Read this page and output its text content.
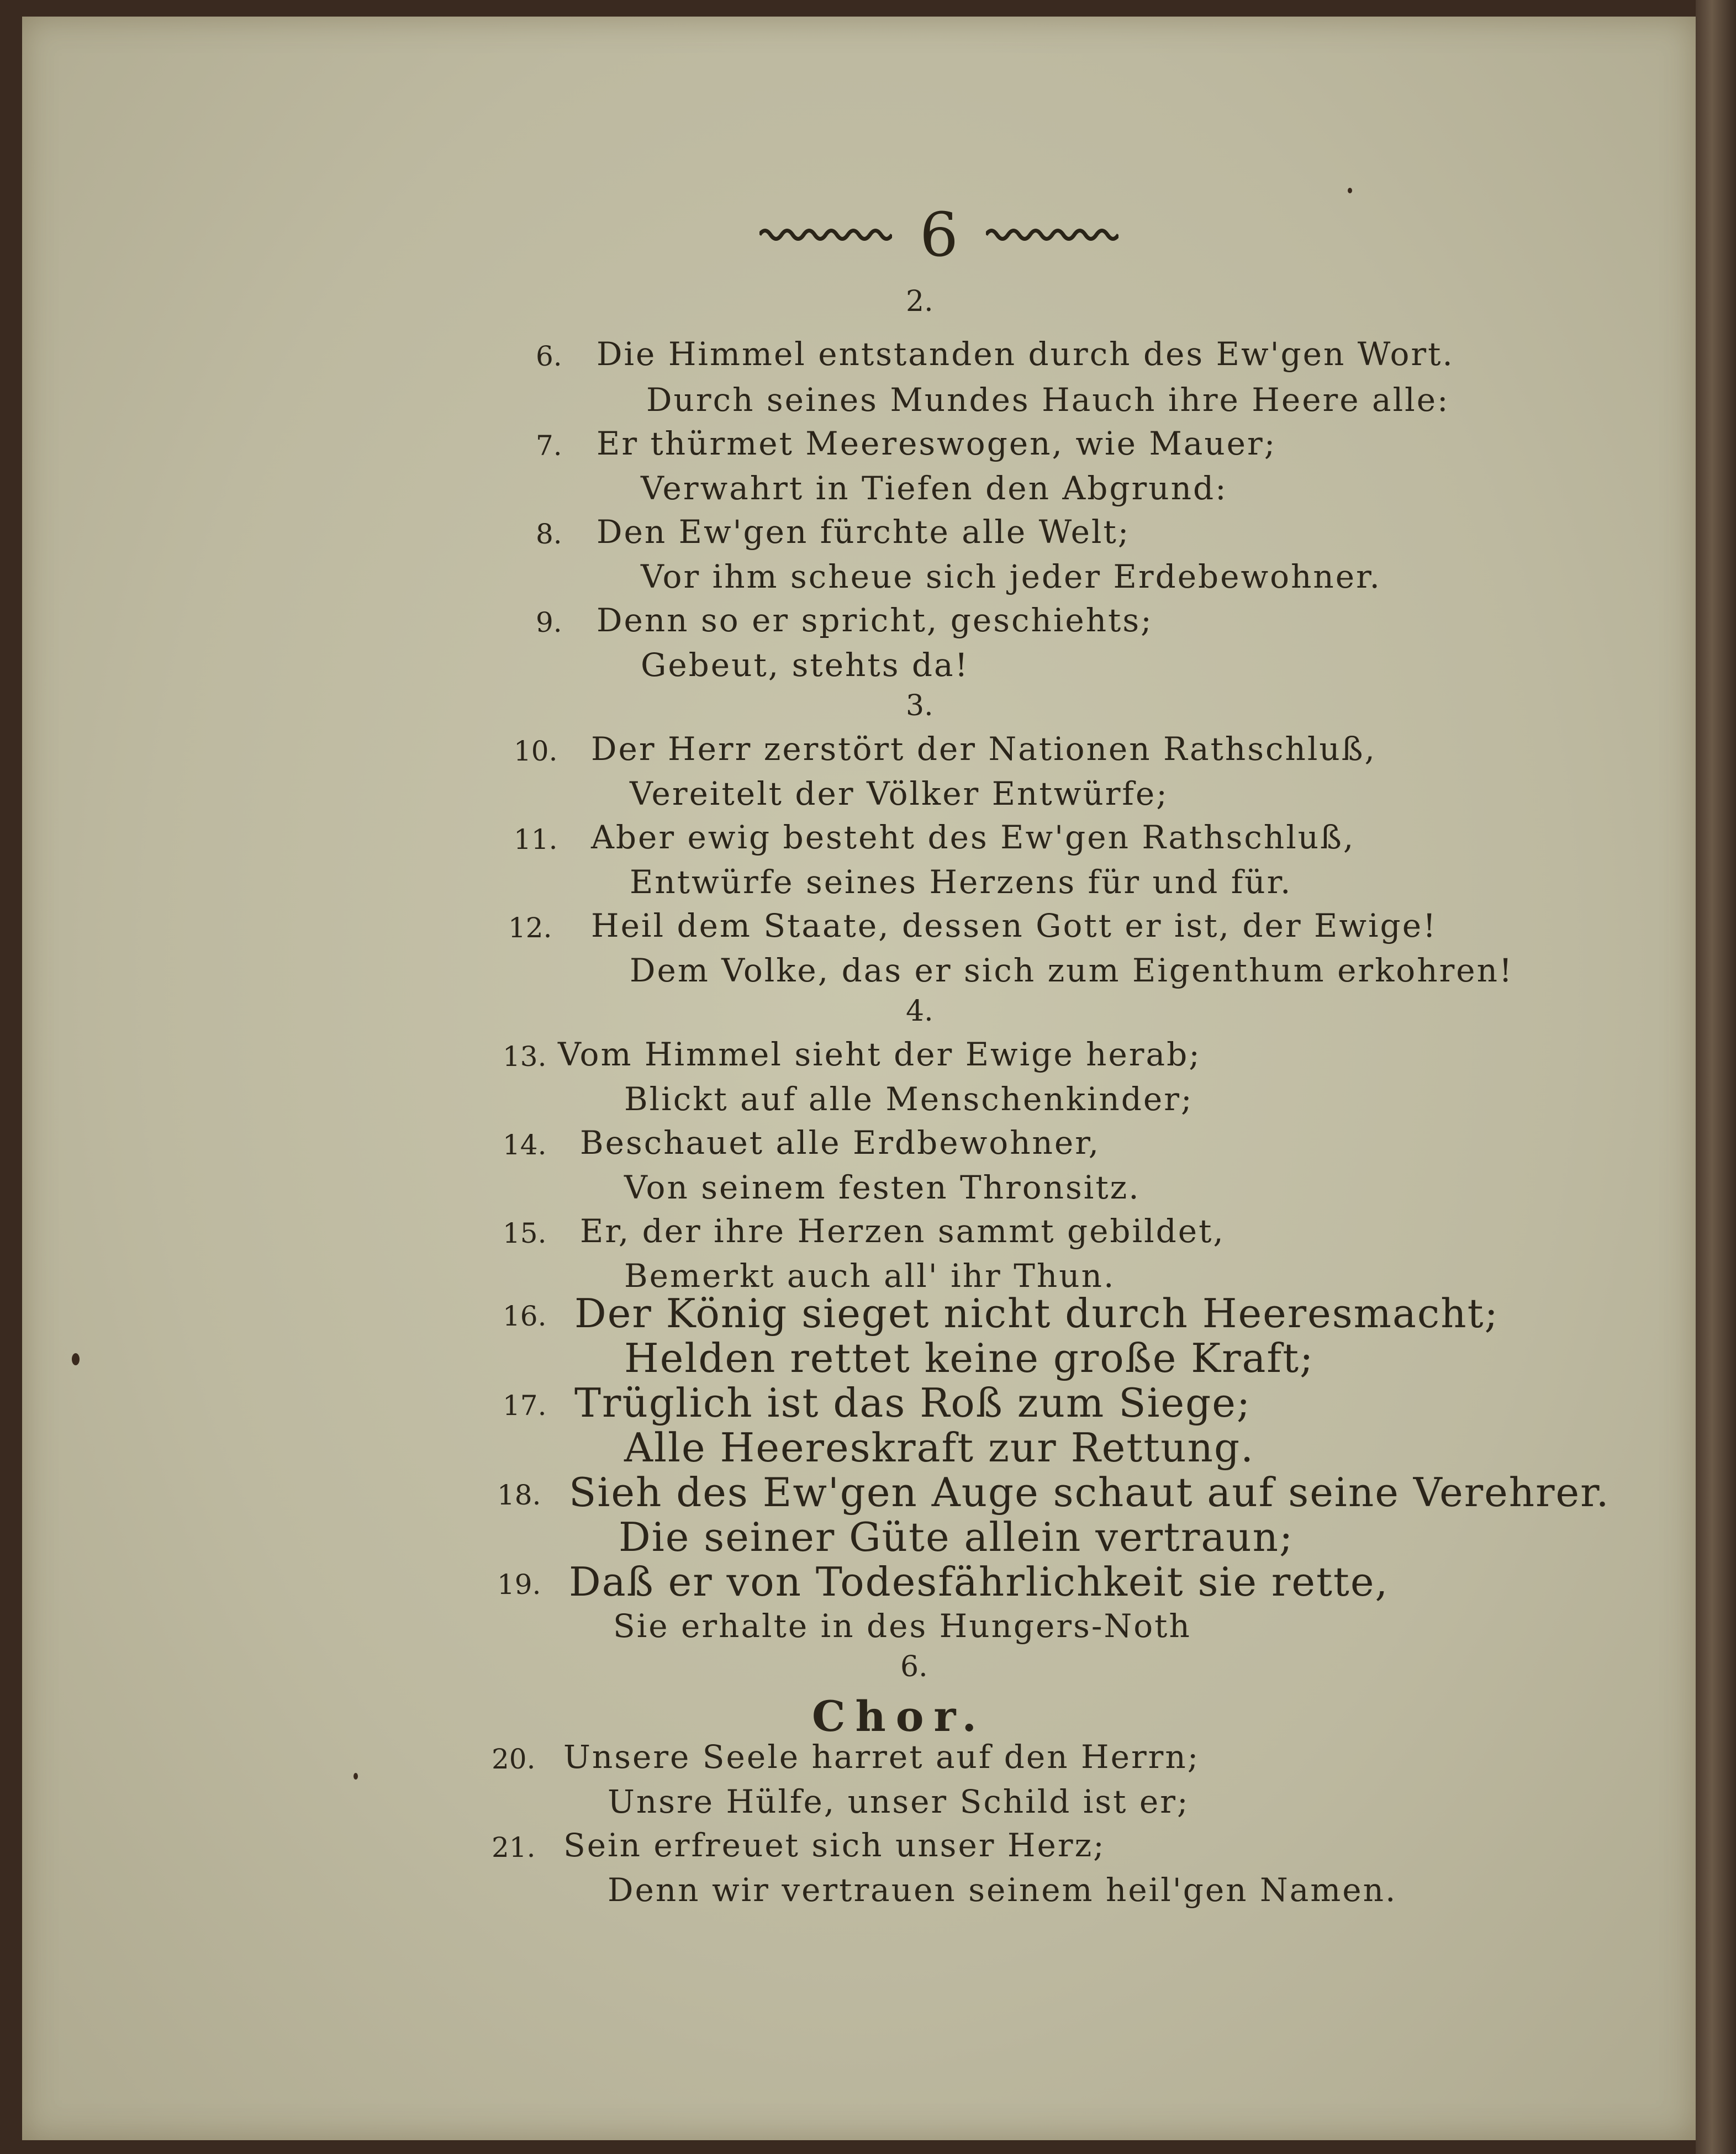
6
2.
6. Die Himmel entstanden durch des Ew'gen Wort.
Durch seines Mundes Hauch ihre Heere alle:
7. Er thürmet Meereswogen, wie Mauer;
Verwahrt in Tiefen den Abgrund:
8. Den Ew'gen fürchte alle Welt;
Vor ihm scheue sich jeder Erdebewohner.
9. Denn so er spricht, geschiehts;
Gebeut, stehts da!
3.
10. Der Herr zerstört der Nationen Rathschluß,
Vereitelt der Völker Entwürfe;
11. Aber ewig besteht des Ew'gen Rathschluß,
Entwürfe seines Herzens für und für.
12. Heil dem Staate, dessen Gott er ist, der Ewige!
Dem Volke, das er sich zum Eigenthum erkohren!
4.
13. Vom Himmel sieht der Ewige herab;
Blickt auf alle Menschenkinder;
14. Beschauet alle Erdbewohner,
Von seinem festen Thronsitz.
15. Er, der ihre Herzen sammt gebildet,
Bemerkt auch all' ihr Thun.
16. Der König sieget nicht durch Heeresmacht;
Helden rettet keine große Kraft;
17. Trüglich ist das Roß zum Siege;
Alle Heereskraft zur Rettung.
18. Sieh des Ew'gen Auge schaut auf seine Verehrer.
Die seiner Güte allein vertraun;
19. Daß er von Todesfährlichkeit sie rette,
Sie erhalte in des Hungers-Noth
6.
Chor.
20. Unsere Seele harret auf den Herrn;
Unsre Hülfe, unser Schild ist er;
21. Sein erfreuet sich unser Herz;
Denn wir vertrauen seinem heil'gen Namen.
